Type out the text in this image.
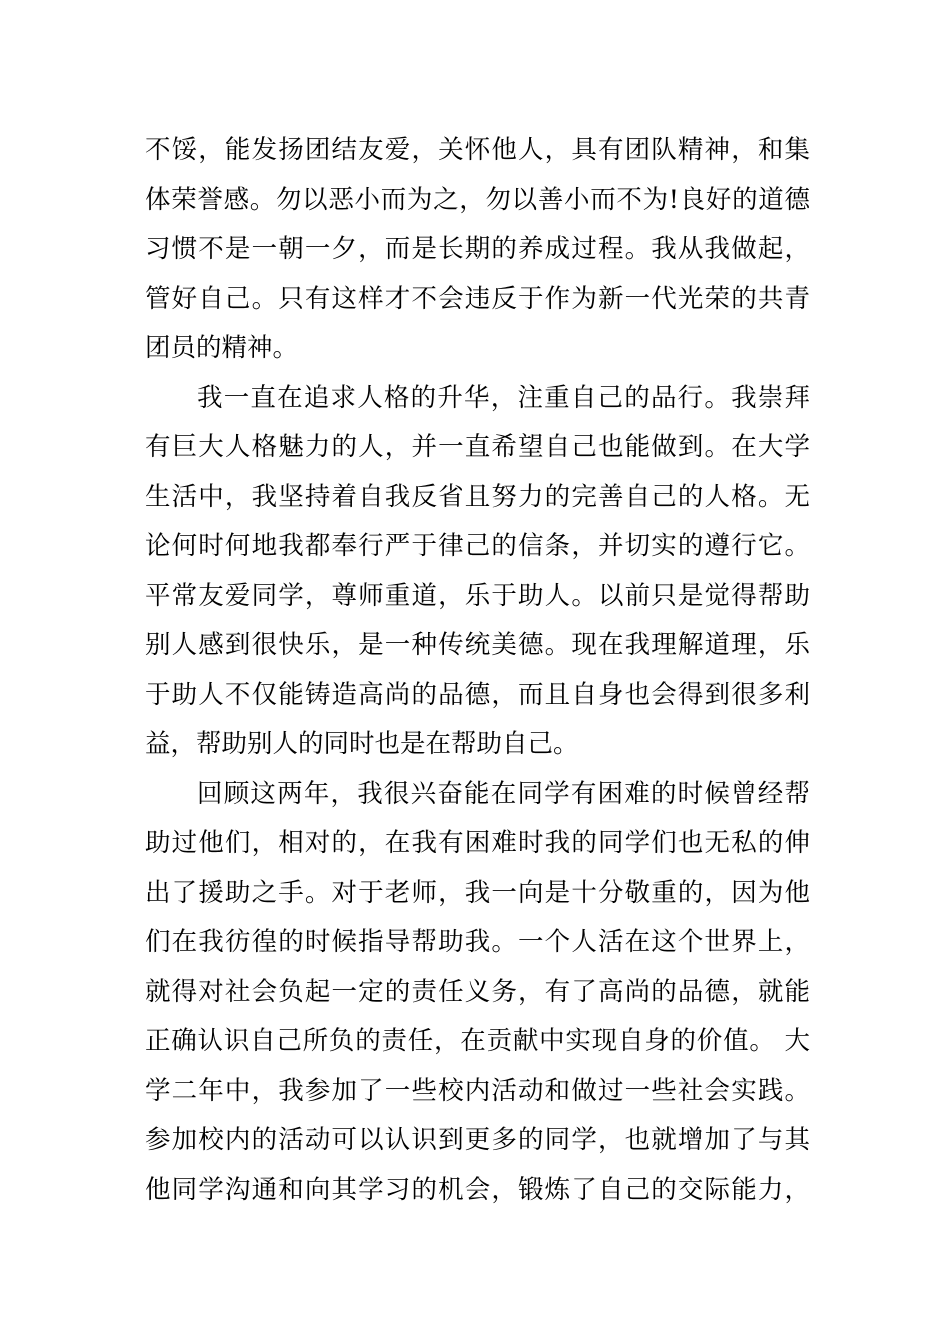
不馁，能发扬团结友爱，关怀他人，具有团队精神，和集
体荣誉感。勿以恶小而为之，勿以善小而不为!良好的道德
习惯不是一朝一夕，而是长期的养成过程。我从我做起，
管好自己。只有这样才不会违反于作为新一代光荣的共青
团员的精神。
我一直在追求人格的升华，注重自己的品行。我崇拜
有巨大人格魅力的人，并一直希望自己也能做到。在大学
生活中，我坚持着自我反省且努力的完善自己的人格。无
论何时何地我都奉行严于律己的信条，并切实的遵行它。
平常友爱同学，尊师重道，乐于助人。以前只是觉得帮助
别人感到很快乐，是一种传统美德。现在我理解道理，乐
于助人不仅能铸造高尚的品德，而且自身也会得到很多利
益，帮助别人的同时也是在帮助自己。
回顾这两年，我很兴奋能在同学有困难的时候曾经帮
助过他们，相对的，在我有困难时我的同学们也无私的伸
出了援助之手。对于老师，我一向是十分敬重的，因为他
们在我彷徨的时候指导帮助我。一个人活在这个世界上，
就得对社会负起一定的责任义务，有了高尚的品德，就能
正确认识自己所负的责任，在贡献中实现自身的价值。 大
学二年中，我参加了一些校内活动和做过一些社会实践。
参加校内的活动可以认识到更多的同学，也就增加了与其
他同学沟通和向其学习的机会，锻炼了自己的交际能力，
